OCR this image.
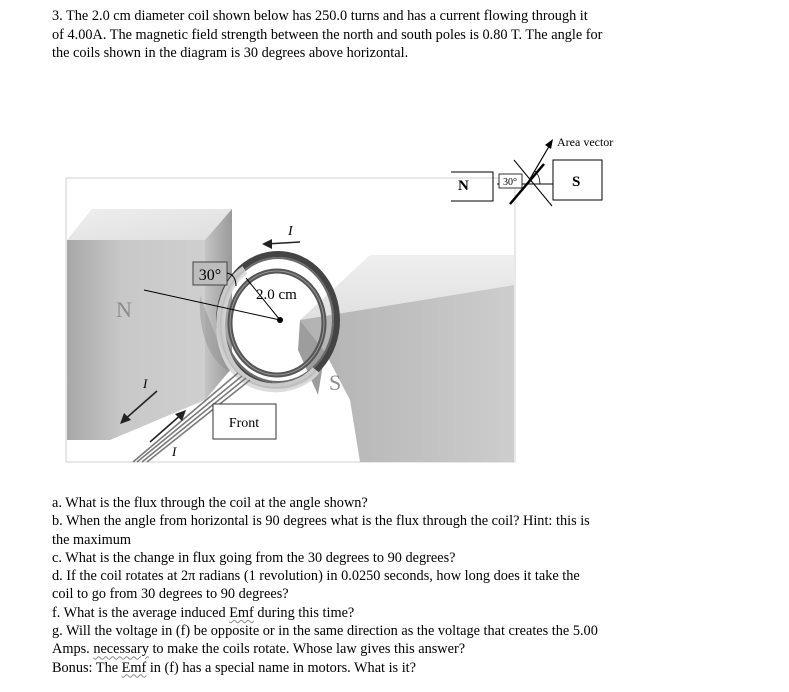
3. The 2.0 cm diameter coil shown below has 250.0 turns and has a current flowing through it
of 4.00A. The magnetic field strength between the north and south poles is 0.80 T. The angle for
the coils shown in the diagram is 30 degrees above horizontal.
30°
2.0 cm
I
N
S
I
I
Front
N	S
30°
Area vector

a. What is the flux through the coil at the angle shown?

b. When the angle from horizontal is 90 degrees what is the flux through the coil? Hint: this is

the maximum

c. What is the change in flux going from the 30 degrees to 90 degrees?

d. If the coil rotates at 2π radians (1 revolution) in 0.0250 seconds, how long does it take the

coil to go from 30 degrees to 90 degrees?

f. What is the average induced Emf during this time?

g. Will the voltage in (f) be opposite or in the same direction as the voltage that creates the 5.00

Amps. necessary to make the coils rotate. Whose law gives this answer?

Bonus: The Emf in (f) has a special name in motors. What is it?
